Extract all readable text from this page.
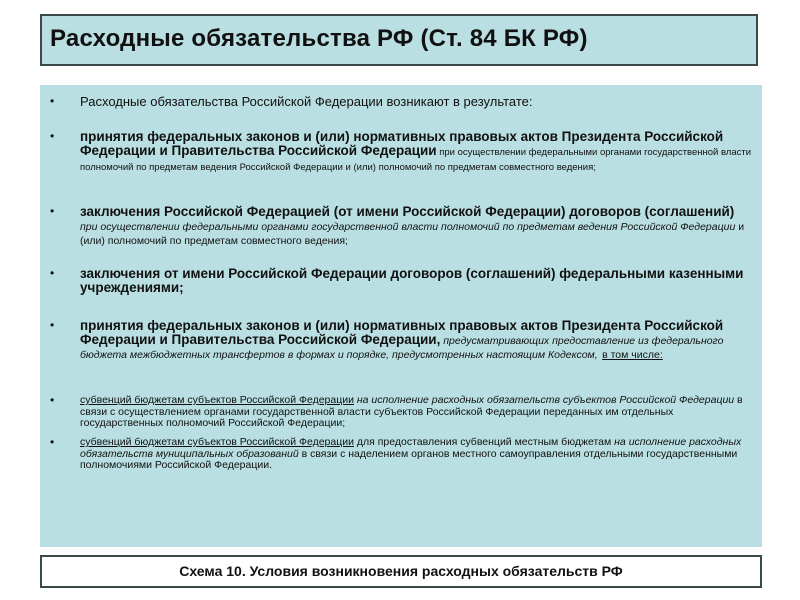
Расходные обязательства РФ (Ст. 84 БК РФ)
• Расходные обязательства Российской Федерации возникают в результате:
• принятия федеральных законов и (или) нормативных правовых актов Президента Российской Федерации и Правительства Российской Федерации при осуществлении федеральными органами государственной власти полномочий по предметам ведения Российской Федерации и (или) полномочий по предметам совместного ведения;
• заключения Российской Федерацией (от имени Российской Федерации) договоров (соглашений) при осуществлении федеральными органами государственной власти полномочий по предметам ведения Российской Федерации и (или) полномочий по предметам совместного ведения;
• заключения от имени Российской Федерации договоров (соглашений) федеральными казенными учреждениями;
• принятия федеральных законов и (или) нормативных правовых актов Президента Российской Федерации и Правительства Российской Федерации, предусматривающих предоставление из федерального бюджета межбюджетных трансфертов в формах и порядке, предусмотренных настоящим Кодексом, в том числе:
• субвенций бюджетам субъектов Российской Федерации на исполнение расходных обязательств субъектов Российской Федерации в связи с осуществлением органами государственной власти субъектов Российской Федерации переданных им отдельных государственных полномочий Российской Федерации;
• субвенций бюджетам субъектов Российской Федерации для предоставления субвенций местным бюджетам на исполнение расходных обязательств муниципальных образований в связи с наделением органов местного самоуправления отдельными государственными полномочиями Российской Федерации.
Схема 10. Условия возникновения расходных обязательств РФ
